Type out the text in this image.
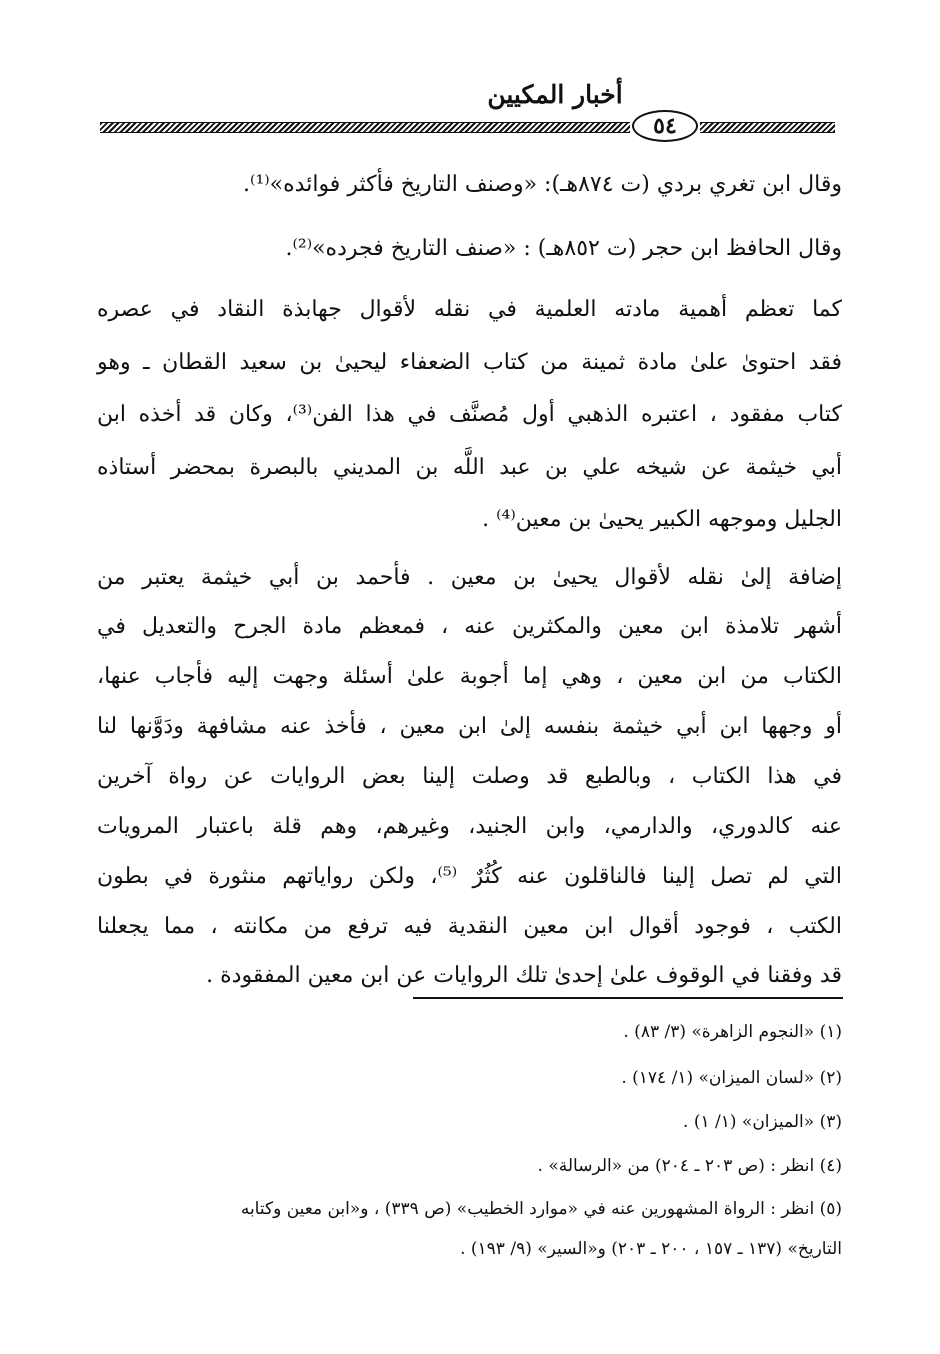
أخبار المكيين
٥٤
وقال ابن تغري بردي (ت ٨٧٤هـ): «وصنف التاريخ فأكثر فوائده»⁽¹⁾.
وقال الحافظ ابن حجر (ت ٨٥٢هـ) : «صنف التاريخ فجرده»⁽²⁾.
كما تعظم أهمية مادته العلمية في نقله لأقوال جهابذة النقاد في عصره
فقد احتوىٰ علىٰ مادة ثمينة من كتاب الضعفاء ليحيىٰ بن سعيد القطان ـ وهو
كتاب مفقود ، اعتبره الذهبي أول مُصنَّف في هذا الفن⁽³⁾، وكان قد أخذه ابن
أبي خيثمة عن شيخه علي بن عبد اللَّه بن المديني بالبصرة بمحضر أستاذه
الجليل وموجهه الكبير يحيىٰ بن معين⁽⁴⁾ .
إضافة إلىٰ نقله لأقوال يحيىٰ بن معين . فأحمد بن أبي خيثمة يعتبر من
أشهر تلامذة ابن معين والمكثرين عنه ، فمعظم مادة الجرح والتعديل في
الكتاب من ابن معين ، وهي إما أجوبة علىٰ أسئلة وجهت إليه فأجاب عنها،
أو وجهها ابن أبي خيثمة بنفسه إلىٰ ابن معين ، فأخذ عنه مشافهة ودَوَّنها لنا
في هذا الكتاب ، وبالطبع قد وصلت إلينا بعض الروايات عن رواة آخرين
عنه كالدوري، والدارمي، وابن الجنيد، وغيرهم، وهم قلة باعتبار المرويات
التي لم تصل إلينا فالناقلون عنه كُثُرٌ ⁽⁵⁾، ولكن رواياتهم منثورة في بطون
الكتب ، فوجود أقوال ابن معين النقدية فيه ترفع من مكانته ، مما يجعلنا
قد وفقنا في الوقوف علىٰ إحدىٰ تلك الروايات عن ابن معين المفقودة .
(١) «النجوم الزاهرة» (٣/ ٨٣) .
(٢) «لسان الميزان» (١/ ١٧٤) .
(٣) «الميزان» (١/ ١) .
(٤) انظر : (ص ٢٠٣ ـ ٢٠٤) من «الرسالة» .
(٥) انظر : الرواة المشهورين عنه في «موارد الخطيب» (ص ٣٣٩) ، و«ابن معين وكتابه
التاريخ» (١٣٧ ـ ١٥٧ ، ٢٠٠ ـ ٢٠٣) و«السير» (٩/ ١٩٣) .
